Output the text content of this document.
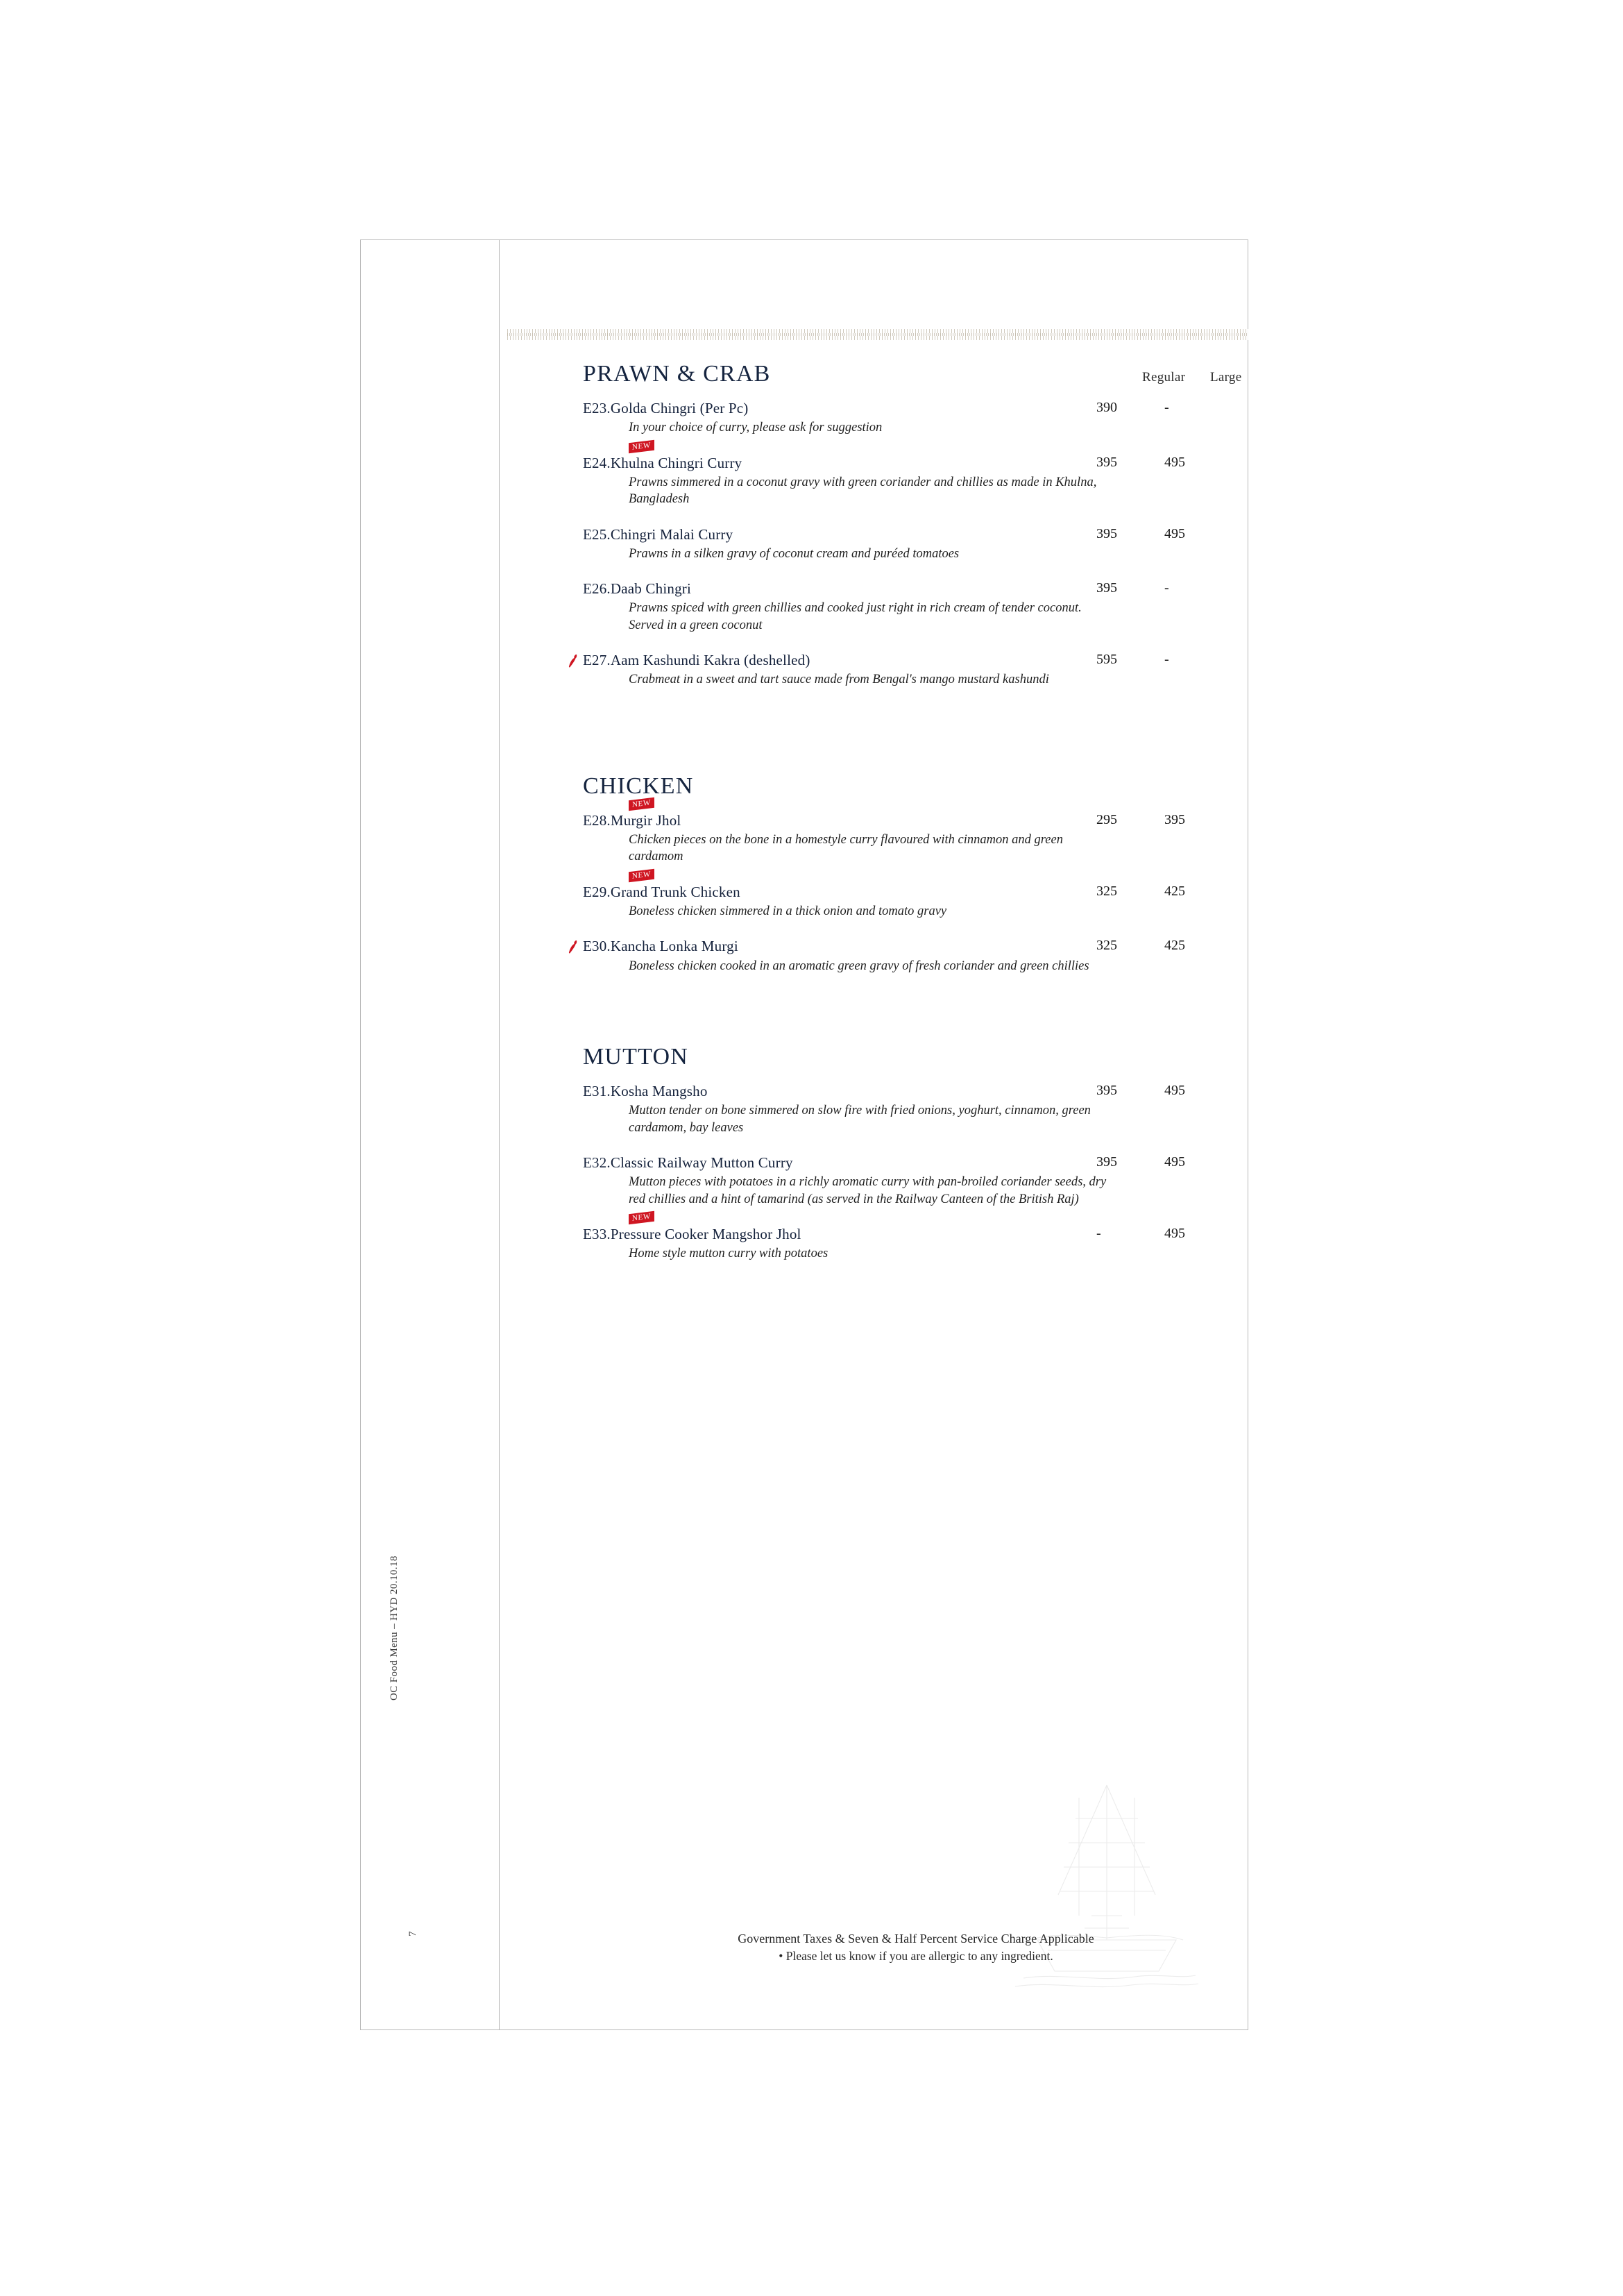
OC Food Menu – HYD 20.10.18
7
PRAWN & CRAB	Regular Large
E23.Golda Chingri (Per Pc)	390	-
In your choice of curry, please ask for suggestion
NEW
E24.Khulna Chingri Curry	395	495
Prawns simmered in a coconut gravy with green coriander and chillies as made in Khulna, Bangladesh
E25.Chingri Malai Curry	395	495
Prawns in a silken gravy of coconut cream and puréed tomatoes
E26.Daab Chingri	395	-
Prawns spiced with green chillies and cooked just right in rich cream of tender coconut. Served in a green coconut
E27.Aam Kashundi Kakra (deshelled)	595	-
Crabmeat in a sweet and tart sauce made from Bengal's mango mustard kashundi
CHICKEN
NEW
E28.Murgir Jhol	295	395
Chicken pieces on the bone in a homestyle curry flavoured with cinnamon and green cardamom
NEW
E29.Grand Trunk Chicken	325	425
Boneless chicken simmered in a thick onion and tomato gravy
E30.Kancha Lonka Murgi	325	425
Boneless chicken cooked in an aromatic green gravy of fresh coriander and green chillies
MUTTON
E31.Kosha Mangsho	395	495
Mutton tender on bone simmered on slow fire with fried onions, yoghurt, cinnamon, green cardamom, bay leaves
E32.Classic Railway Mutton Curry	395	495
Mutton pieces with potatoes in a richly aromatic curry with pan-broiled coriander seeds, dry red chillies and a hint of tamarind (as served in the Railway Canteen of the British Raj)
NEW
E33.Pressure Cooker Mangshor Jhol	-	495
Home style mutton curry with potatoes
Government Taxes & Seven & Half Percent Service Charge Applicable
• Please let us know if you are allergic to any ingredient.
